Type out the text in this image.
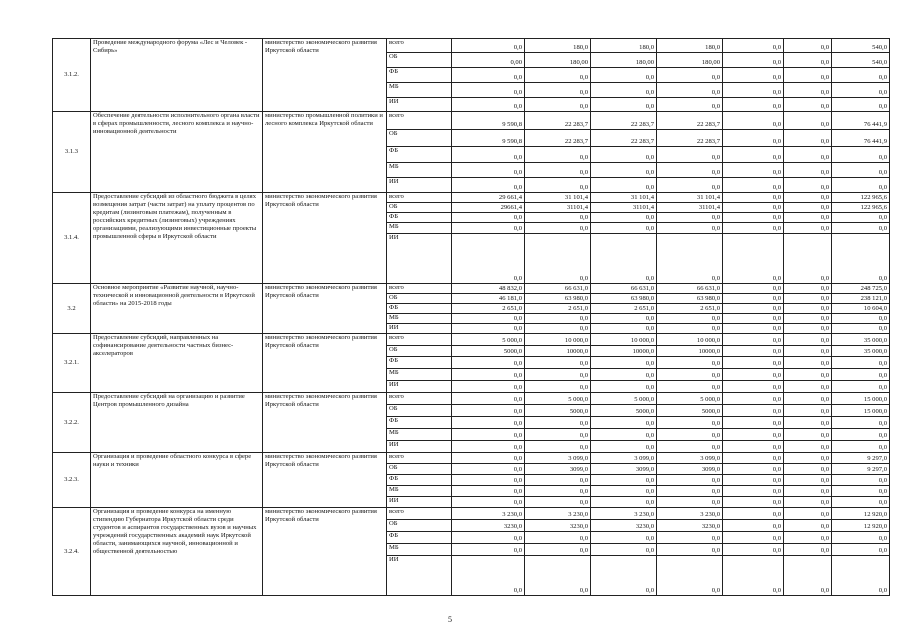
3.1.2.	Проведение международного форума «Лес и Человек - Сибирь»	министерство экономического развития Иркутской области	всего	0,0	180,0	180,0	180,0	0,0	0,0	540,0
			ОБ	0,00	180,00	180,00	180,00	0,0	0,0	540,0
			ФБ	0,0	0,0	0,0	0,0	0,0	0,0	0,0
			МБ	0,0	0,0	0,0	0,0	0,0	0,0	0,0
			ИИ	0,0	0,0	0,0	0,0	0,0	0,0	0,0
3.1.3	Обеспечение деятельности исполнительного органа власти в сферах промышленности, лесного комплекса и научно-инновационной деятельности	министерство промышленной политики и лесного комплекса Иркутской области	всего	9 590,8	22 283,7	22 283,7	22 283,7	0,0	0,0	76 441,9
			ОБ	9 590,8	22 283,7	22 283,7	22 283,7	0,0	0,0	76 441,9
			ФБ	0,0	0,0	0,0	0,0	0,0	0,0	0,0
			МБ	0,0	0,0	0,0	0,0	0,0	0,0	0,0
			ИИ	0,0	0,0	0,0	0,0	0,0	0,0	0,0
3.1.4.	Предоставление субсидий из областного бюджета в целях возмещения затрат (части затрат) на уплату процентов по кредитам (лизинговым платежам), полученным в российских кредитных (лизинговых) учреждениях организациями, реализующими инвестиционные проекты промышленной сферы в Иркутской области	министерство экономического развития Иркутской области	всего	29 661,4	31 101,4	31 101,4	31 101,4	0,0	0,0	122 965,6
			ОБ	29661,4	31101,4	31101,4	31101,4	0,0	0,0	122 965,6
			ФБ	0,0	0,0	0,0	0,0	0,0	0,0	0,0
			МБ	0,0	0,0	0,0	0,0	0,0	0,0	0,0
			ИИ	0,0	0,0	0,0	0,0	0,0	0,0	0,0
3.2	Основное мероприятие «Развитие научной, научно-технической и инновационной деятельности в Иркутской области» на 2015-2018 годы	министерство экономического развития Иркутской области	всего	48 832,0	66 631,0	66 631,0	66 631,0	0,0	0,0	248 725,0
			ОБ	46 181,0	63 980,0	63 980,0	63 980,0	0,0	0,0	238 121,0
			ФБ	2 651,0	2 651,0	2 651,0	2 651,0	0,0	0,0	10 604,0
			МБ	0,0	0,0	0,0	0,0	0,0	0,0	0,0
			ИИ	0,0	0,0	0,0	0,0	0,0	0,0	0,0
3.2.1.	Предоставление субсидий, направленных на софинансирование деятельности частных бизнес-акселераторов	министерство экономического развития Иркутской области	всего	5 000,0	10 000,0	10 000,0	10 000,0	0,0	0,0	35 000,0
			ОБ	5000,0	10000,0	10000,0	10000,0	0,0	0,0	35 000,0
			ФБ	0,0	0,0	0,0	0,0	0,0	0,0	0,0
			МБ	0,0	0,0	0,0	0,0	0,0	0,0	0,0
			ИИ	0,0	0,0	0,0	0,0	0,0	0,0	0,0
3.2.2.	Предоставление субсидий на организацию и развитие Центров промышленного дизайна	министерство экономического развития Иркутской области	всего	0,0	5 000,0	5 000,0	5 000,0	0,0	0,0	15 000,0
			ОБ	0,0	5000,0	5000,0	5000,0	0,0	0,0	15 000,0
			ФБ	0,0	0,0	0,0	0,0	0,0	0,0	0,0
			МБ	0,0	0,0	0,0	0,0	0,0	0,0	0,0
			ИИ	0,0	0,0	0,0	0,0	0,0	0,0	0,0
3.2.3.	Организация и проведение областного конкурса в сфере науки и техники	министерство экономического развития Иркутской области	всего	0,0	3 099,0	3 099,0	3 099,0	0,0	0,0	9 297,0
			ОБ	0,0	3099,0	3099,0	3099,0	0,0	0,0	9 297,0
			ФБ	0,0	0,0	0,0	0,0	0,0	0,0	0,0
			МБ	0,0	0,0	0,0	0,0	0,0	0,0	0,0
			ИИ	0,0	0,0	0,0	0,0	0,0	0,0	0,0
3.2.4.	Организация и проведение конкурса на именную стипендию Губернатора Иркутской области среди студентов и аспирантов государственных вузов и научных учреждений государственных академий наук Иркутской области, занимающихся научной, инновационной и общественной деятельностью	министерство экономического развития Иркутской области	всего	3 230,0	3 230,0	3 230,0	3 230,0	0,0	0,0	12 920,0
			ОБ	3230,0	3230,0	3230,0	3230,0	0,0	0,0	12 920,0
			ФБ	0,0	0,0	0,0	0,0	0,0	0,0	0,0
			МБ	0,0	0,0	0,0	0,0	0,0	0,0	0,0
			ИИ	0,0	0,0	0,0	0,0	0,0	0,0	0,0
5
